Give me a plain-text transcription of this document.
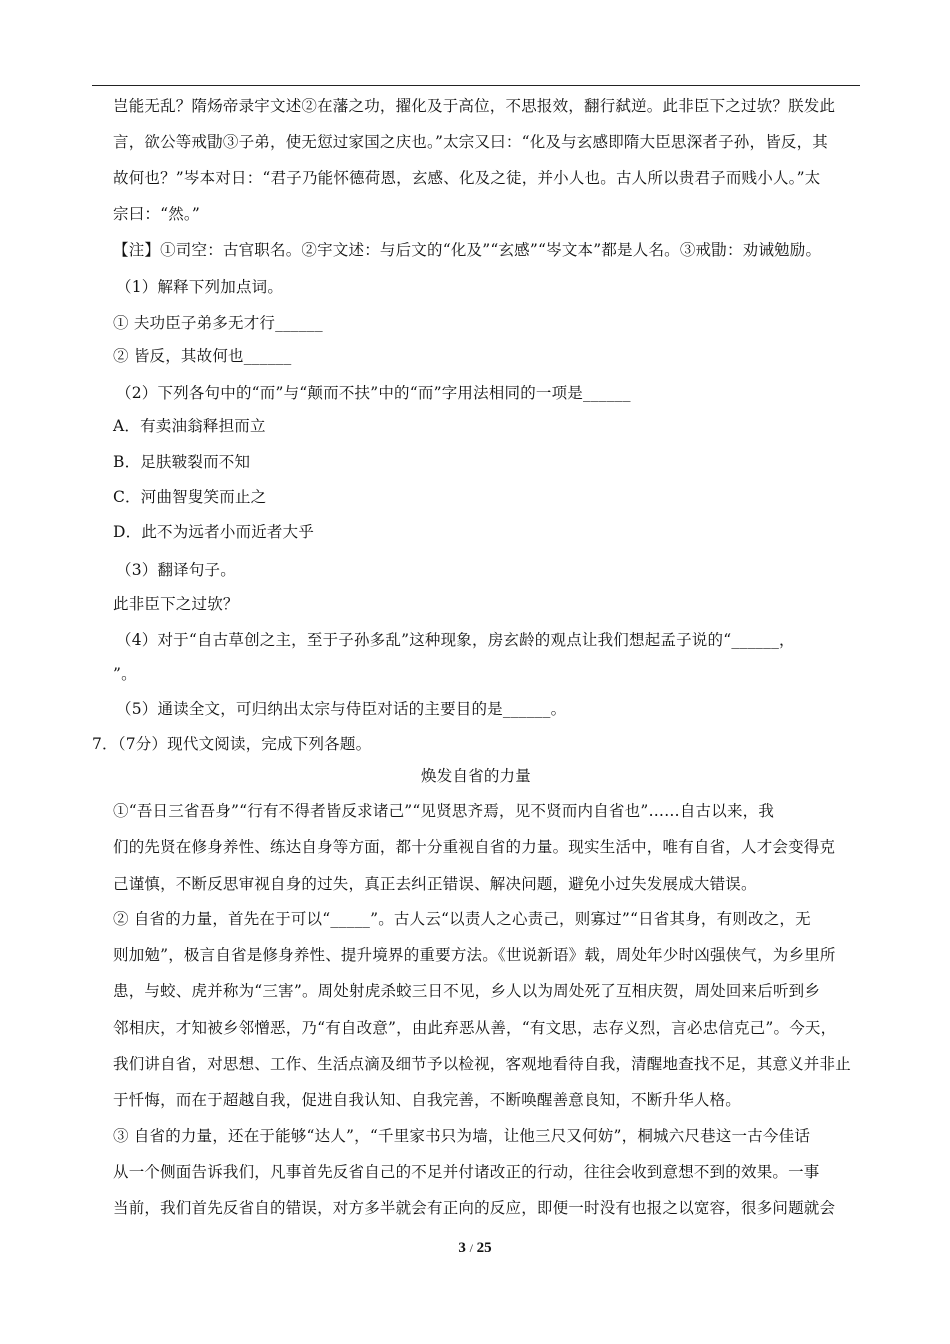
岂能无乱？隋炀帝录宇文述②在藩之功，擢化及于高位，不思报效，翻行弑逆。此非臣下之过欤？朕发此
言，欲公等戒勖③子弟，使无愆过家国之庆也。”太宗又曰：“化及与玄感即隋大臣思深者子孙，皆反，其
故何也？”岑本对日：“君子乃能怀德荷恩，玄感、化及之徒，并小人也。古人所以贵君子而贱小人。”太
宗曰：“然。”
【注】①司空：古官职名。②宇文述：与后文的“化及”“玄感”“岑文本”都是人名。③戒勖：劝诫勉励。
（1）解释下列加点词。
① 夫功臣子弟多无才行______
② 皆反，其故何也______
（2）下列各句中的“而”与“颠而不扶”中的“而”字用法相同的一项是______
A．有卖油翁释担而立
B．足肤皲裂而不知
C．河曲智叟笑而止之
D．此不为远者小而近者大乎
（3）翻译句子。
此非臣下之过欤？
（4）对于“自古草创之主，至于子孙多乱”这种现象，房玄龄的观点让我们想起孟子说的“______，
”。
（5）通读全文，可归纳出太宗与侍臣对话的主要目的是______。
7．（7分）现代文阅读，完成下列各题。
焕发自省的力量
①“吾日三省吾身”“行有不得者皆反求诸己”“见贤思齐焉，见不贤而内自省也”……自古以来，我
们的先贤在修身养性、练达自身等方面，都十分重视自省的力量。现实生活中，唯有自省，人才会变得克
己谨慎，不断反思审视自身的过失，真正去纠正错误、解决问题，避免小过失发展成大错误。
② 自省的力量，首先在于可以“_____”。古人云“以责人之心责己，则寡过”“日省其身，有则改之，无
则加勉”，极言自省是修身养性、提升境界的重要方法。《世说新语》载，周处年少时凶强侠气，为乡里所
患，与蛟、虎并称为“三害”。周处射虎杀蛟三日不见，乡人以为周处死了互相庆贺，周处回来后听到乡
邻相庆，才知被乡邻憎恶，乃“有自改意”，由此弃恶从善，“有文思，志存义烈，言必忠信克己”。今天，
我们讲自省，对思想、工作、生活点滴及细节予以检视，客观地看待自我，清醒地查找不足，其意义并非止
于忏悔，而在于超越自我，促进自我认知、自我完善，不断唤醒善意良知，不断升华人格。
③ 自省的力量，还在于能够“达人”，“千里家书只为墙，让他三尺又何妨”，桐城六尺巷这一古今佳话
从一个侧面告诉我们，凡事首先反省自己的不足并付诸改正的行动，往往会收到意想不到的效果。一事
当前，我们首先反省自的错误，对方多半就会有正向的反应，即便一时没有也报之以宽容，很多问题就会
3 / 25
